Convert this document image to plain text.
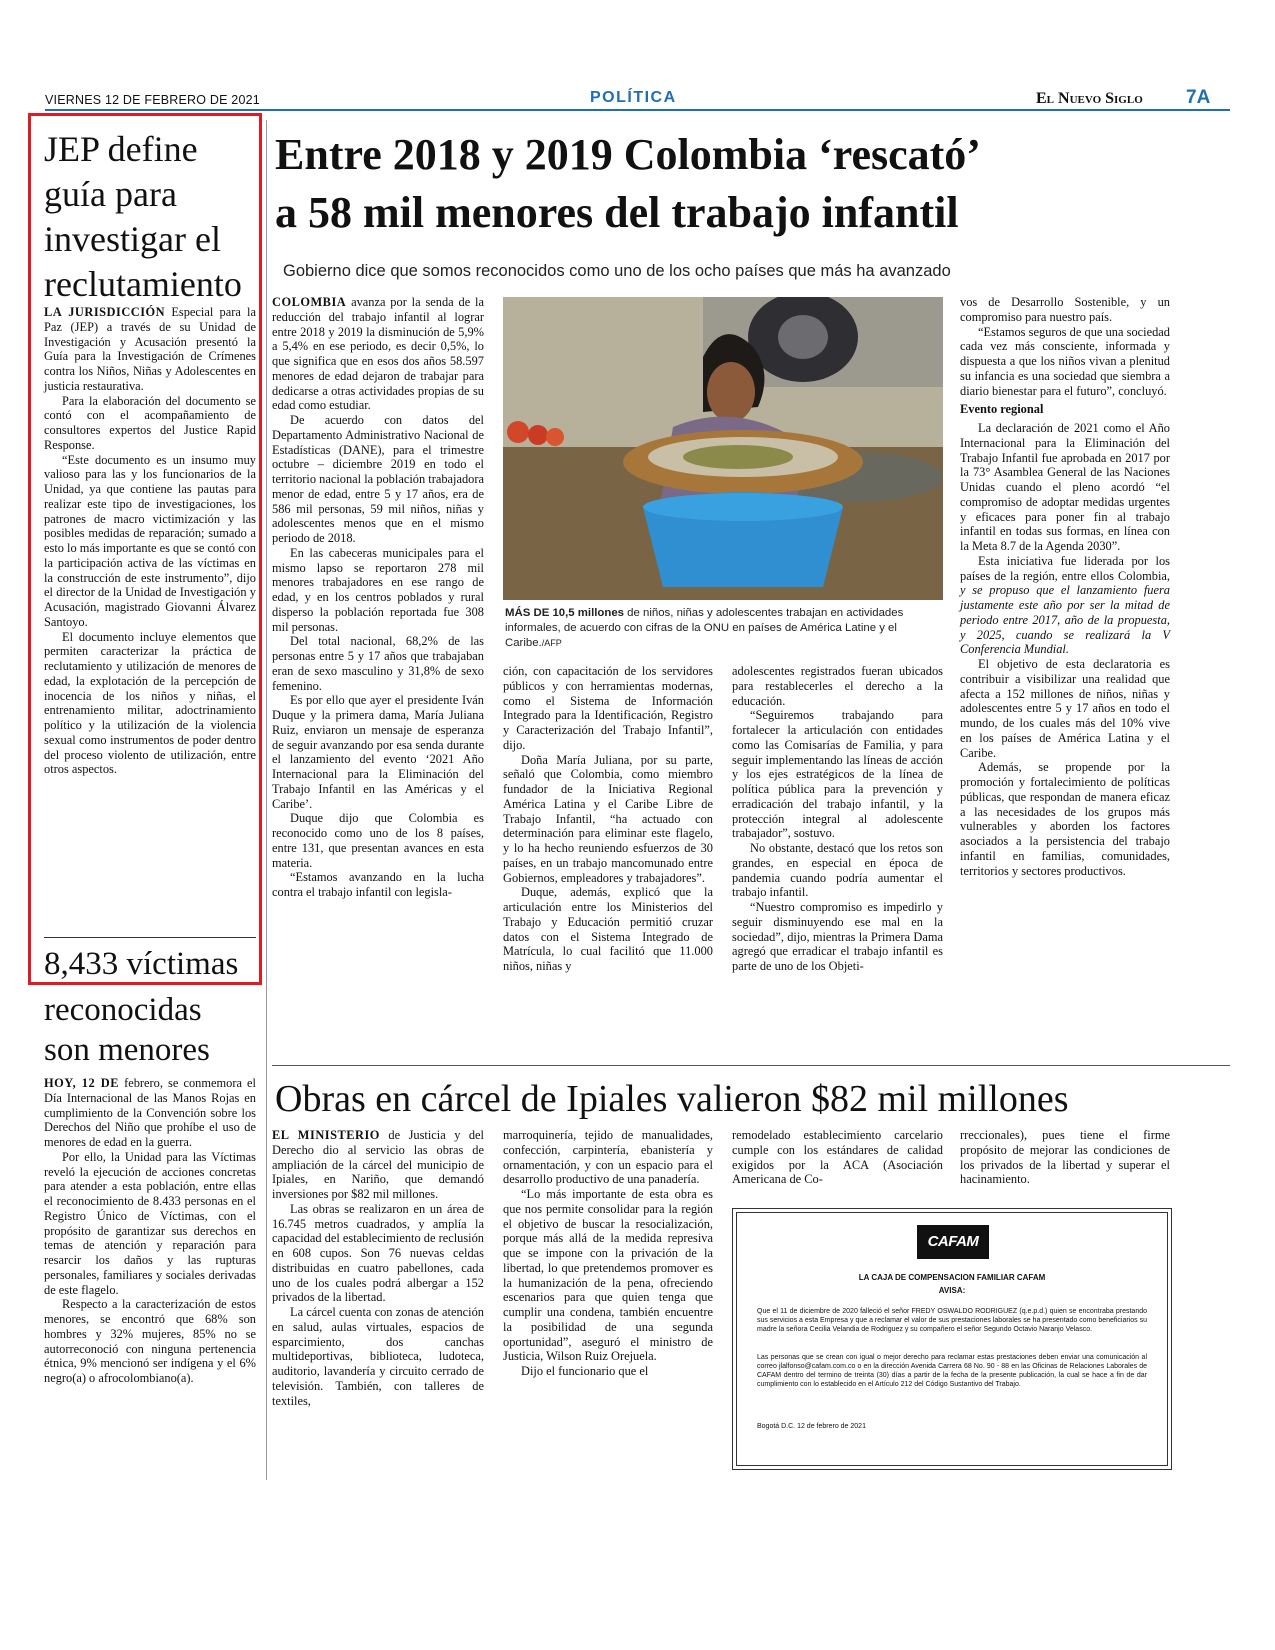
VIERNES 12 DE FEBRERO DE 2021	POLÍTICA	El Nuevo Siglo 7A
JEP define guía para investigar el reclutamiento

LA JURISDICCIÓN Especial para la Paz (JEP) a través de su Unidad de Investigación y Acusación presentó la Guía para la Investigación de Crímenes contra los Niños, Niñas y Adolescentes en justicia restaurativa.

Para la elaboración del documento se contó con el acompañamiento de consultores expertos del Justice Rapid Response.

“Este documento es un insumo muy valioso para las y los funcionarios de la Unidad, ya que contiene las pautas para realizar este tipo de investigaciones, los patrones de macro victimización y las posibles medidas de reparación; sumado a esto lo más importante es que se contó con la participación activa de las víctimas en la construcción de este instrumento”, dijo el director de la Unidad de Investigación y Acusación, magistrado Giovanni Álvarez Santoyo.

El documento incluye elementos que permiten caracterizar la práctica de reclutamiento y utilización de menores de edad, la explotación de la percepción de inocencia de los niños y niñas, el entrenamiento militar, adoctrinamiento político y la utilización de la violencia sexual como instrumentos de poder dentro del proceso violento de utilización, entre otros aspectos.

8,433 víctimas
reconocidas
son menores

HOY, 12 DE febrero, se conmemora el Día Internacional de las Manos Rojas en cumplimiento de la Convención sobre los Derechos del Niño que prohíbe el uso de menores de edad en la guerra.

Por ello, la Unidad para las Víctimas reveló la ejecución de acciones concretas para atender a esta población, entre ellas el reconocimiento de 8.433 personas en el Registro Único de Víctimas, con el propósito de garantizar sus derechos en temas de atención y reparación para resarcir los daños y las rupturas personales, familiares y sociales derivadas de este flagelo.

Respecto a la caracterización de estos menores, se encontró que 68% son hombres y 32% mujeres, 85% no se autorreconoció con ninguna pertenencia étnica, 9% mencionó ser indígena y el 6% negro(a) o afrocolombiano(a).

Entre 2018 y 2019 Colombia ‘rescató’
a 58 mil menores del trabajo infantil
Gobierno dice que somos reconocidos como uno de los ocho países que más ha avanzado

COLOMBIA avanza por la senda de la reducción del trabajo infantil al lograr entre 2018 y 2019 la disminución de 5,9% a 5,4% en ese periodo, es decir 0,5%, lo que significa que en esos dos años 58.597 menores de edad dejaron de trabajar para dedicarse a otras actividades propias de su edad como estudiar.

De acuerdo con datos del Departamento Administrativo Nacional de Estadísticas (DANE), para el trimestre octubre – diciembre 2019 en todo el territorio nacional la población trabajadora menor de edad, entre 5 y 17 años, era de 586 mil personas, 59 mil niños, niñas y adolescentes menos que en el mismo periodo de 2018.

En las cabeceras municipales para el mismo lapso se reportaron 278 mil menores trabajadores en ese rango de edad, y en los centros poblados y rural disperso la población reportada fue 308 mil personas.

Del total nacional, 68,2% de las personas entre 5 y 17 años que trabajaban eran de sexo masculino y 31,8% de sexo femenino.

Es por ello que ayer el presidente Iván Duque y la primera dama, María Juliana Ruiz, enviaron un mensaje de esperanza de seguir avanzando por esa senda durante el lanzamiento del evento ‘2021 Año Internacional para la Eliminación del Trabajo Infantil en las Américas y el Caribe’.

Duque dijo que Colombia es reconocido como uno de los 8 países, entre 131, que presentan avances en esta materia.

“Estamos avanzando en la lucha contra el trabajo infantil con legisla-

MÁS DE 10,5 millones de niños, niñas y adolescentes trabajan en actividades informales, de acuerdo con cifras de la ONU en países de América Latine y el Caribe./AFP

ción, con capacitación de los servidores públicos y con herramientas modernas, como el Sistema de Información Integrado para la Identificación, Registro y Caracterización del Trabajo Infantil”, dijo.

Doña María Juliana, por su parte, señaló que Colombia, como miembro fundador de la Iniciativa Regional América Latina y el Caribe Libre de Trabajo Infantil, “ha actuado con determinación para eliminar este flagelo, y lo ha hecho reuniendo esfuerzos de 30 países, en un trabajo mancomunado entre Gobiernos, empleadores y trabajadores”.

Duque, además, explicó que la articulación entre los Ministerios del Trabajo y Educación permitió cruzar datos con el Sistema Integrado de Matrícula, lo cual facilitó que 11.000 niños, niñas y

adolescentes registrados fueran ubicados para restablecerles el derecho a la educación.

“Seguiremos trabajando para fortalecer la articulación con entidades como las Comisarías de Familia, y para seguir implementando las líneas de acción y los ejes estratégicos de la línea de política pública para la prevención y erradicación del trabajo infantil, y la protección integral al adolescente trabajador”, sostuvo.

No obstante, destacó que los retos son grandes, en especial en época de pandemia cuando podría aumentar el trabajo infantil.

“Nuestro compromiso es impedirlo y seguir disminuyendo ese mal en la sociedad”, dijo, mientras la Primera Dama agregó que erradicar el trabajo infantil es parte de uno de los Objeti-

vos de Desarrollo Sostenible, y un compromiso para nuestro país.

“Estamos seguros de que una sociedad cada vez más consciente, informada y dispuesta a que los niños vivan a plenitud su infancia es una sociedad que siembra a diario bienestar para el futuro”, concluyó.

Evento regional

La declaración de 2021 como el Año Internacional para la Eliminación del Trabajo Infantil fue aprobada en 2017 por la 73° Asamblea General de las Naciones Unidas cuando el pleno acordó “el compromiso de adoptar medidas urgentes y eficaces para poner fin al trabajo infantil en todas sus formas, en línea con la Meta 8.7 de la Agenda 2030”.

Esta iniciativa fue liderada por los países de la región, entre ellos Colombia, y se propuso que el lanzamiento fuera justamente este año por ser la mitad de periodo entre 2017, año de la propuesta, y 2025, cuando se realizará la V Conferencia Mundial.

El objetivo de esta declaratoria es contribuir a visibilizar una realidad que afecta a 152 millones de niños, niñas y adolescentes entre 5 y 17 años en todo el mundo, de los cuales más del 10% vive en los países de América Latina y el Caribe.

Además, se propende por la promoción y fortalecimiento de políticas públicas, que respondan de manera eficaz a las necesidades de los grupos más vulnerables y aborden los factores asociados a la persistencia del trabajo infantil en familias, comunidades, territorios y sectores productivos.

Obras en cárcel de Ipiales valieron $82 mil millones

EL MINISTERIO de Justicia y del Derecho dio al servicio las obras de ampliación de la cárcel del municipio de Ipiales, en Nariño, que demandó inversiones por $82 mil millones.

Las obras se realizaron en un área de 16.745 metros cuadrados, y amplía la capacidad del establecimiento de reclusión en 608 cupos. Son 76 nuevas celdas distribuidas en cuatro pabellones, cada uno de los cuales podrá albergar a 152 privados de la libertad.

La cárcel cuenta con zonas de atención en salud, aulas virtuales, espacios de esparcimiento, dos canchas multideportivas, biblioteca, ludoteca, auditorio, lavandería y circuito cerrado de televisión. También, con talleres de textiles,

marroquinería, tejido de manualidades, confección, carpintería, ebanistería y ornamentación, y con un espacio para el desarrollo productivo de una panadería.

“Lo más importante de esta obra es que nos permite consolidar para la región el objetivo de buscar la resocialización, porque más allá de la medida represiva que se impone con la privación de la libertad, lo que pretendemos promover es la humanización de la pena, ofreciendo escenarios para que quien tenga que cumplir una condena, también encuentre la posibilidad de una segunda oportunidad”, aseguró el ministro de Justicia, Wilson Ruiz Orejuela.

Dijo el funcionario que el

remodelado establecimiento carcelario cumple con los estándares de calidad exigidos por la ACA (Asociación Americana de Co-

rreccionales), pues tiene el firme propósito de mejorar las condiciones de los privados de la libertad y superar el hacinamiento.

CAFAM
LA CAJA DE COMPENSACION FAMILIAR CAFAM
AVISA:
Que el 11 de diciembre de 2020 falleció el señor FREDY OSWALDO RODRIGUEZ (q.e.p.d.) quien se encontraba prestando sus servicios a esta Empresa y que a reclamar el valor de sus prestaciones laborales se ha presentado como beneficiarios su madre la señora Cecilia Velandia de Rodriguez y su compañero el señor Segundo Octavio Naranjo Velasco.
Las personas que se crean con igual o mejor derecho para reclamar estas prestaciones deben enviar una comunicación al correo jlalfonso@cafam.com.co o en la dirección Avenida Carrera 68 No. 90 - 88 en las Oficinas de Relaciones Laborales de CAFAM dentro del termino de treinta (30) días a partir de la fecha de la presente publicación, la cual se hace a fin de dar cumplimiento con lo establecido en el Artículo 212 del Código Sustantivo del Trabajo.
Bogotá D.C. 12 de febrero de 2021
